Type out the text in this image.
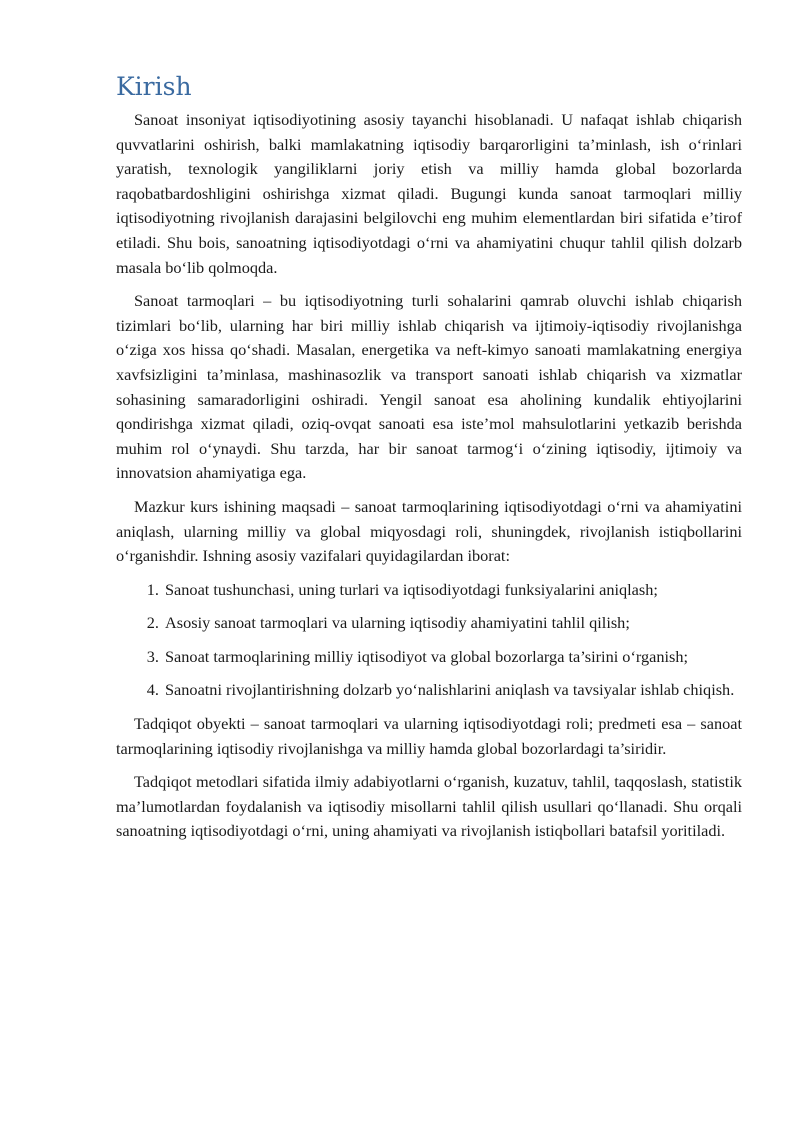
Kirish

Sanoat insoniyat iqtisodiyotining asosiy tayanchi hisoblanadi. U nafaqat ishlab chiqarish quvvatlarini oshirish, balki mamlakatning iqtisodiy barqarorligini ta’minlash, ish o‘rinlari yaratish, texnologik yangiliklarni joriy etish va milliy hamda global bozorlarda raqobatbardoshligini oshirishga xizmat qiladi. Bugungi kunda sanoat tarmoqlari milliy iqtisodiyotning rivojlanish darajasini belgilovchi eng muhim elementlardan biri sifatida e’tirof etiladi. Shu bois, sanoatning iqtisodiyotdagi o‘rni va ahamiyatini chuqur tahlil qilish dolzarb masala bo‘lib qolmoqda.

Sanoat tarmoqlari – bu iqtisodiyotning turli sohalarini qamrab oluvchi ishlab chiqarish tizimlari bo‘lib, ularning har biri milliy ishlab chiqarish va ijtimoiy-iqtisodiy rivojlanishga o‘ziga xos hissa qo‘shadi. Masalan, energetika va neft-kimyo sanoati mamlakatning energiya xavfsizligini ta’minlasa, mashinasozlik va transport sanoati ishlab chiqarish va xizmatlar sohasining samaradorligini oshiradi. Yengil sanoat esa aholining kundalik ehtiyojlarini qondirishga xizmat qiladi, oziq-ovqat sanoati esa iste’mol mahsulotlarini yetkazib berishda muhim rol o‘ynaydi. Shu tarzda, har bir sanoat tarmog‘i o‘zining iqtisodiy, ijtimoiy va innovatsion ahamiyatiga ega.

Mazkur kurs ishining maqsadi – sanoat tarmoqlarining iqtisodiyotdagi o‘rni va ahamiyatini aniqlash, ularning milliy va global miqyosdagi roli, shuningdek, rivojlanish istiqbollarini o‘rganishdir. Ishning asosiy vazifalari quyidagilardan iborat:

1. Sanoat tushunchasi, uning turlari va iqtisodiyotdagi funksiyalarini aniqlash;
2. Asosiy sanoat tarmoqlari va ularning iqtisodiy ahamiyatini tahlil qilish;
3. Sanoat tarmoqlarining milliy iqtisodiyot va global bozorlarga ta’sirini o‘rganish;
4. Sanoatni rivojlantirishning dolzarb yo‘nalishlarini aniqlash va tavsiyalar ishlab chiqish.

Tadqiqot obyekti – sanoat tarmoqlari va ularning iqtisodiyotdagi roli; predmeti esa – sanoat tarmoqlarining iqtisodiy rivojlanishga va milliy hamda global bozorlardagi ta’siridir.

Tadqiqot metodlari sifatida ilmiy adabiyotlarni o‘rganish, kuzatuv, tahlil, taqqoslash, statistik ma’lumotlardan foydalanish va iqtisodiy misollarni tahlil qilish usullari qo‘llanadi. Shu orqali sanoatning iqtisodiyotdagi o‘rni, uning ahamiyati va rivojlanish istiqbollari batafsil yoritiladi.
